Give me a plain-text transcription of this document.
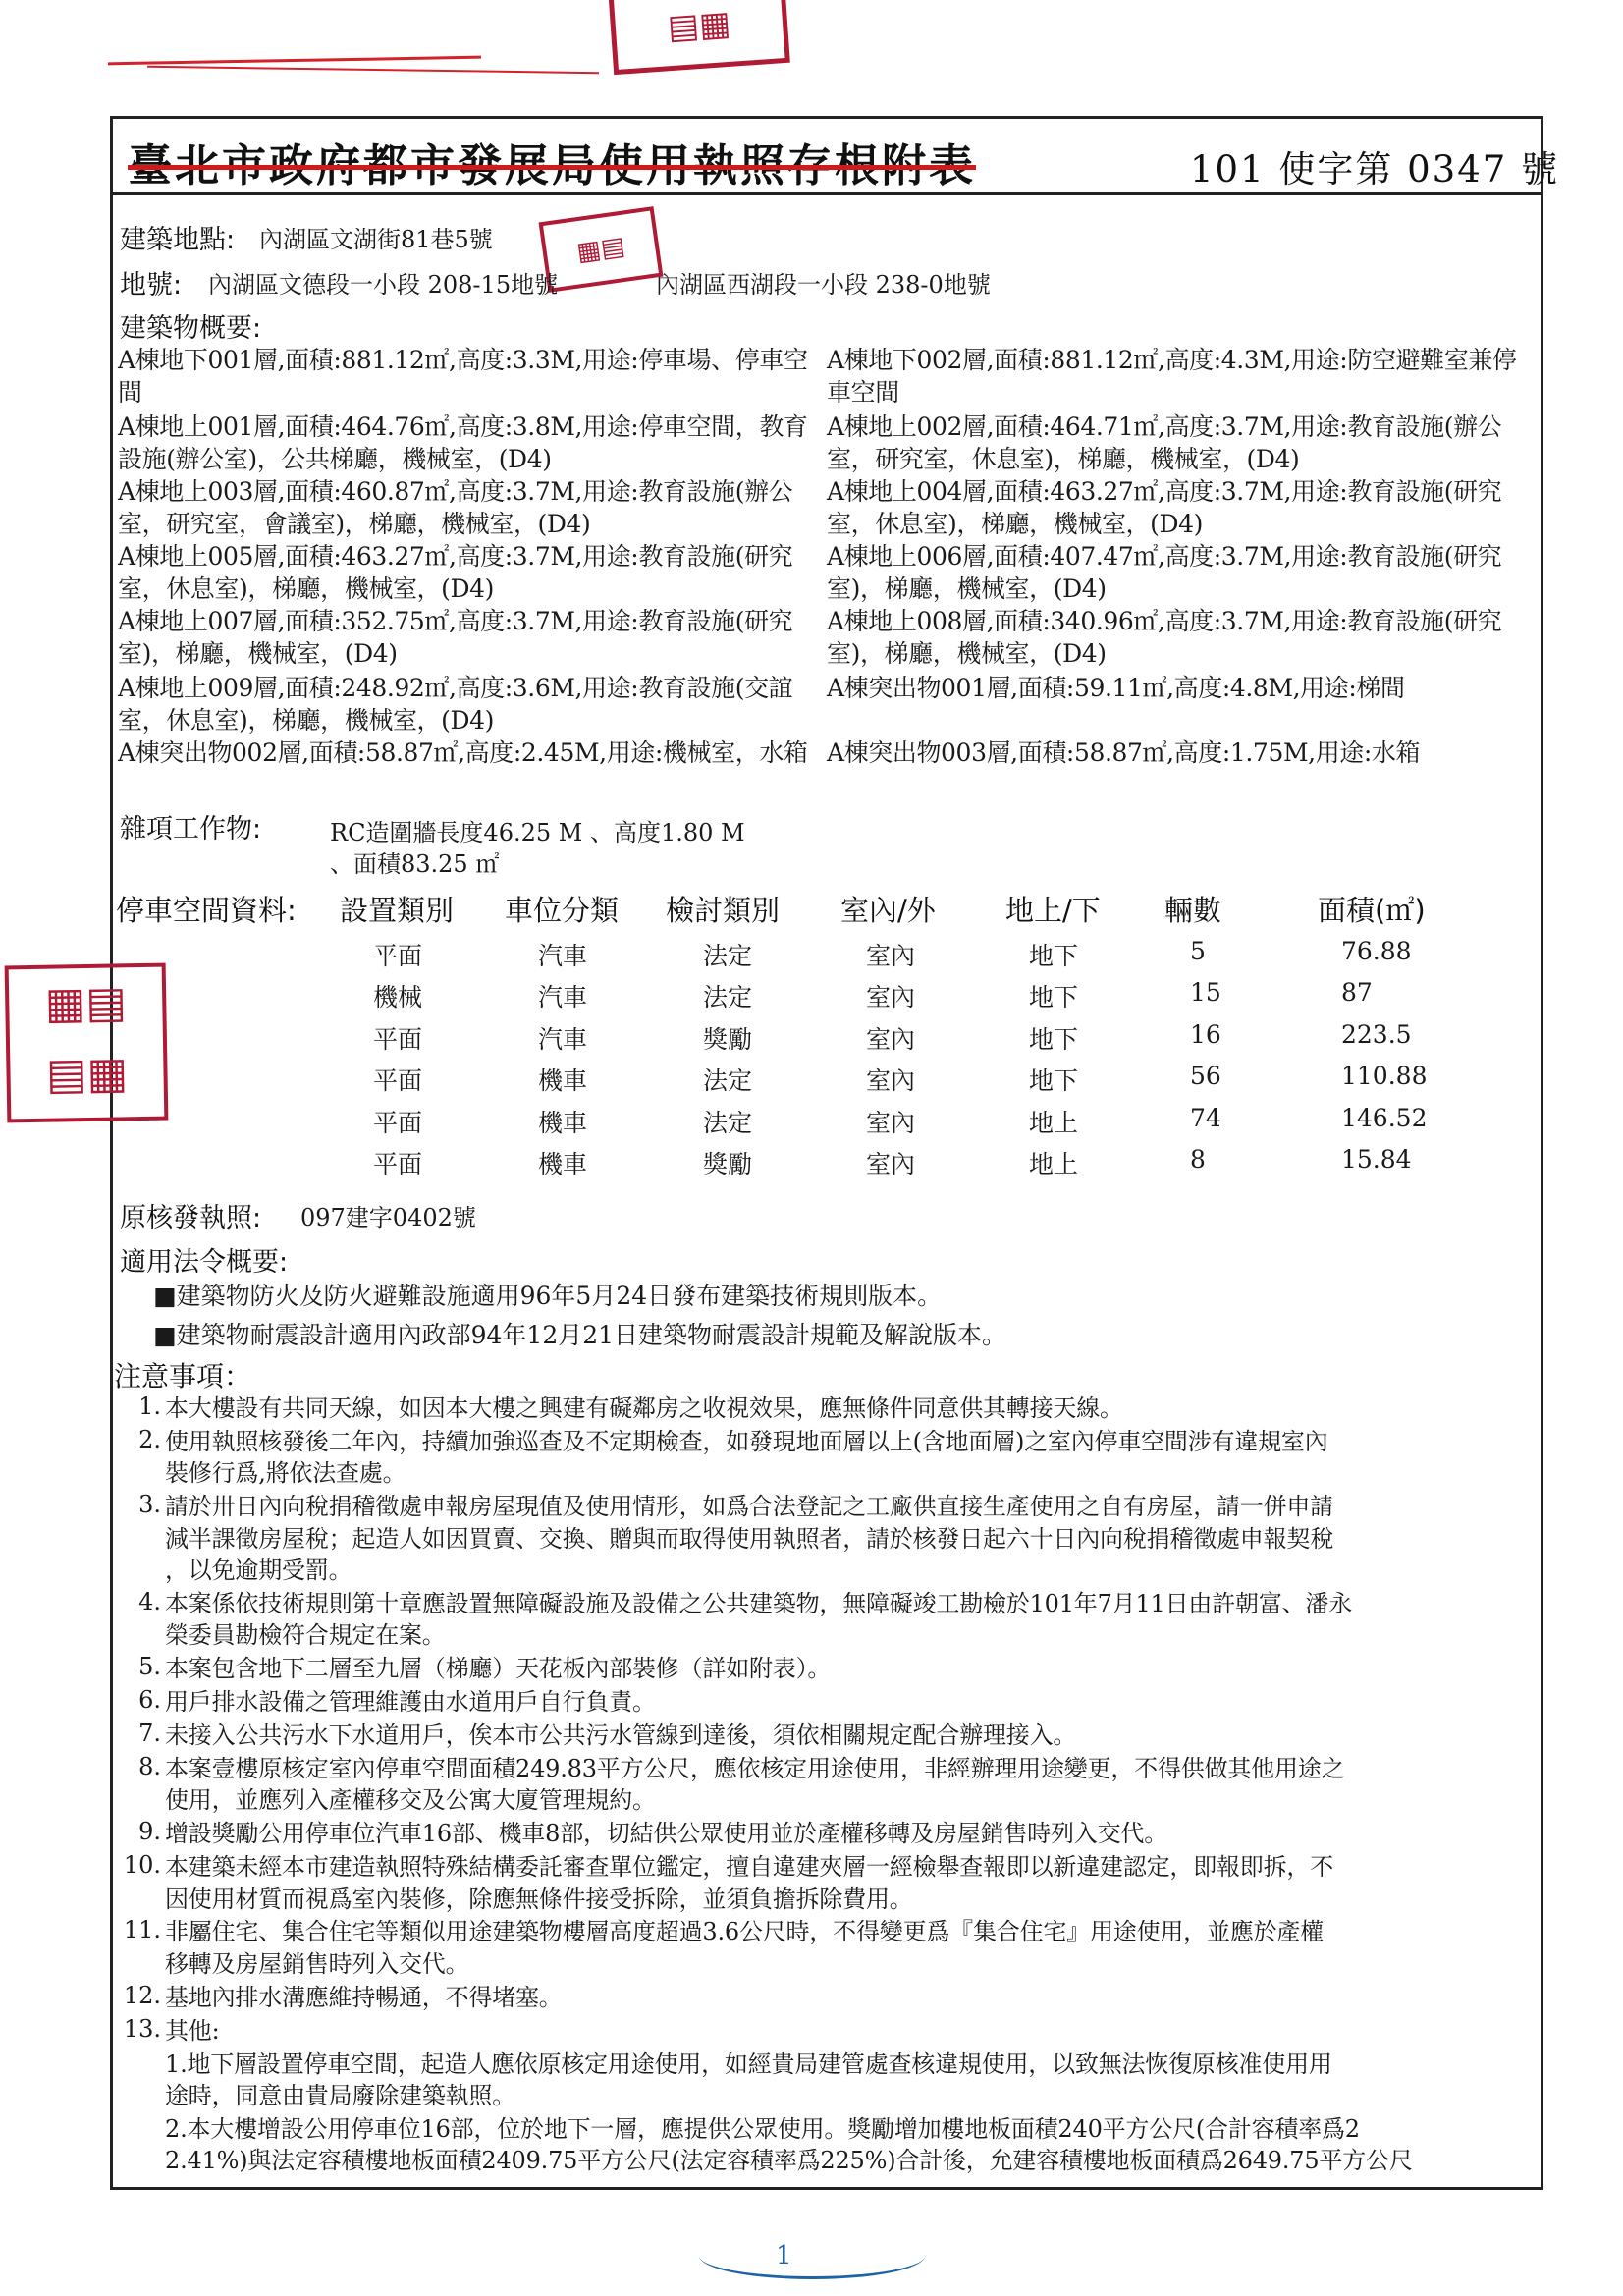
▤▦
臺北市政府都市發展局使用執照存根附表	101 使字第 0347 號
建築地點: 內湖區文湖街81巷5號	▦▤
地號: 內湖區文德段一小段 208-15地號	內湖區西湖段一小段 238-0地號
建築物概要:
A棟地下001層,面積:881.12㎡,高度:3.3M,用途:停車場、停車空間
A棟地下002層,面積:881.12㎡,高度:4.3M,用途:防空避難室兼停車空間
A棟地上001層,面積:464.76㎡,高度:3.8M,用途:停車空間，教育設施(辦公室)，公共梯廳，機械室，(D4)
A棟地上002層,面積:464.71㎡,高度:3.7M,用途:教育設施(辦公室，研究室，休息室)，梯廳，機械室，(D4)
A棟地上003層,面積:460.87㎡,高度:3.7M,用途:教育設施(辦公室，研究室，會議室)，梯廳，機械室，(D4)
A棟地上004層,面積:463.27㎡,高度:3.7M,用途:教育設施(研究室，休息室)，梯廳，機械室，(D4)
A棟地上005層,面積:463.27㎡,高度:3.7M,用途:教育設施(研究室，休息室)，梯廳，機械室，(D4)
A棟地上006層,面積:407.47㎡,高度:3.7M,用途:教育設施(研究室)，梯廳，機械室，(D4)
A棟地上007層,面積:352.75㎡,高度:3.7M,用途:教育設施(研究室)，梯廳，機械室，(D4)
A棟地上008層,面積:340.96㎡,高度:3.7M,用途:教育設施(研究室)，梯廳，機械室，(D4)
A棟地上009層,面積:248.92㎡,高度:3.6M,用途:教育設施(交誼室，休息室)，梯廳，機械室，(D4)
A棟突出物001層,面積:59.11㎡,高度:4.8M,用途:梯間
A棟突出物002層,面積:58.87㎡,高度:2.45M,用途:機械室，水箱 A棟突出物003層,面積:58.87㎡,高度:1.75M,用途:水箱
雜項工作物:	RC造圍牆長度46.25 M 、高度1.80 M
、面積83.25 ㎡
停車空間資料: 設置類別 車位分類 檢討類別 室內/外 地上/下 輛數	面積(㎡)
平面	汽車	法定	室內	地下	5	76.88
機械	汽車	法定	室內	地下	15	87
平面	汽車	獎勵	室內	地下	16	223.5
平面	機車	法定	室內	地下	56	110.88
平面	機車	法定	室內	地上	74	146.52
平面	機車	獎勵	室內	地上	8	15.84
▦▤
▤▦
原核發執照: 097建字0402號
適用法令概要:
■建築物防火及防火避難設施適用96年5月24日發布建築技術規則版本。
■建築物耐震設計適用內政部94年12月21日建築物耐震設計規範及解說版本。
注意事項：
1. 本大樓設有共同天線，如因本大樓之興建有礙鄰房之收視效果，應無條件同意供其轉接天線。
2. 使用執照核發後二年內，持續加強巡查及不定期檢查，如發現地面層以上(含地面層)之室內停車空間涉有違規室內
裝修行爲,將依法查處。
3. 請於卅日內向稅捐稽徵處申報房屋現值及使用情形，如爲合法登記之工廠供直接生產使用之自有房屋，請一併申請
減半課徵房屋稅；起造人如因買賣、交換、贈與而取得使用執照者，請於核發日起六十日內向稅捐稽徵處申報契稅
，以免逾期受罰。
4. 本案係依技術規則第十章應設置無障礙設施及設備之公共建築物，無障礙竣工勘檢於101年7月11日由許朝富、潘永
榮委員勘檢符合規定在案。
5. 本案包含地下二層至九層（梯廳）天花板內部裝修（詳如附表）。
6. 用戶排水設備之管理維護由水道用戶自行負責。
7. 未接入公共污水下水道用戶，俟本市公共污水管線到達後，須依相關規定配合辦理接入。
8. 本案壹樓原核定室內停車空間面積249.83平方公尺，應依核定用途使用，非經辦理用途變更，不得供做其他用途之
使用，並應列入產權移交及公寓大廈管理規約。
9. 增設獎勵公用停車位汽車16部、機車8部，切結供公眾使用並於產權移轉及房屋銷售時列入交代。
10. 本建築未經本市建造執照特殊結構委託審查單位鑑定，擅自違建夾層一經檢舉查報即以新違建認定，即報即拆，不
因使用材質而視爲室內裝修，除應無條件接受拆除，並須負擔拆除費用。
11. 非屬住宅、集合住宅等類似用途建築物樓層高度超過3.6公尺時，不得變更爲『集合住宅』用途使用，並應於產權
移轉及房屋銷售時列入交代。
12. 基地內排水溝應維持暢通，不得堵塞。
13. 其他:
1.地下層設置停車空間，起造人應依原核定用途使用，如經貴局建管處查核違規使用，以致無法恢復原核准使用用
途時，同意由貴局廢除建築執照。
2.本大樓增設公用停車位16部，位於地下一層，應提供公眾使用。獎勵增加樓地板面積240平方公尺(合計容積率爲2
2.41%)與法定容積樓地板面積2409.75平方公尺(法定容積率爲225%)合計後，允建容積樓地板面積爲2649.75平方公尺
1
